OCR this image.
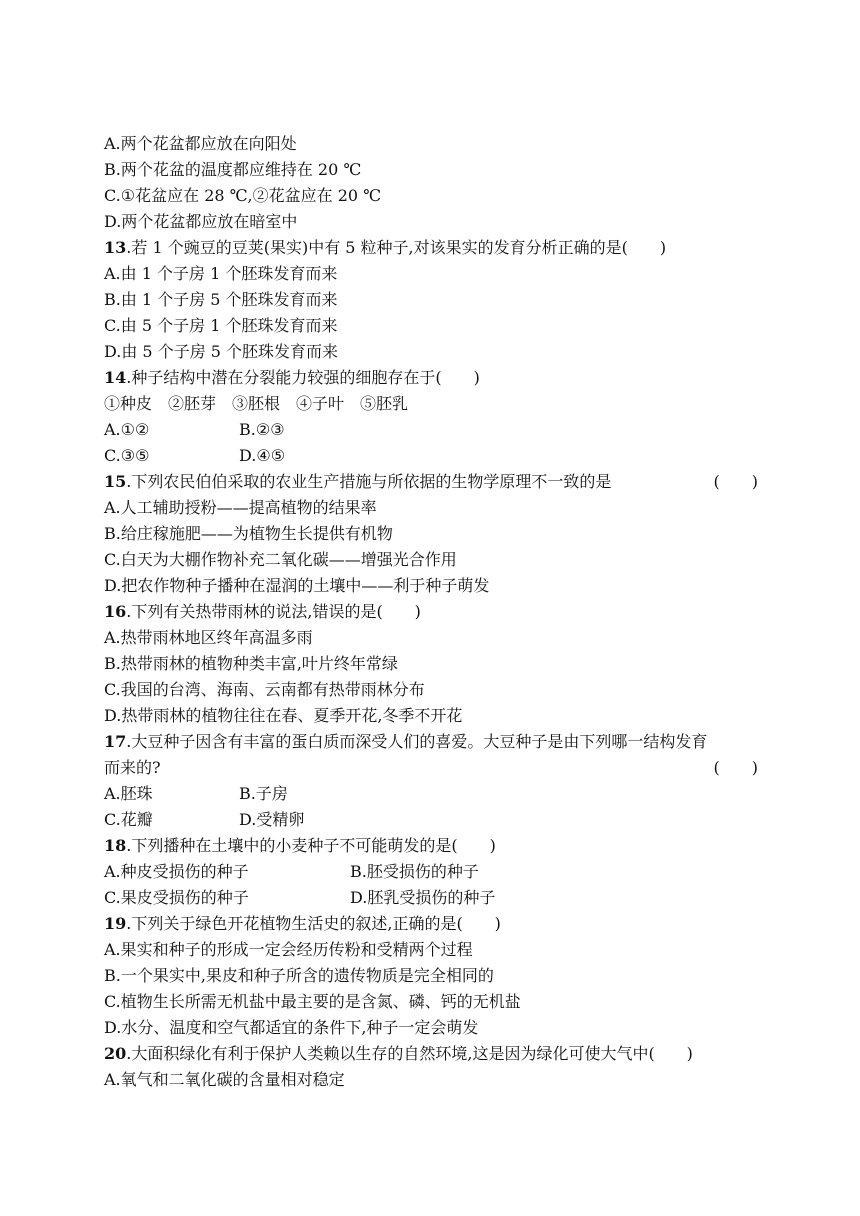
A.两个花盆都应放在向阳处
B.两个花盆的温度都应维持在 20 ℃
C.①花盆应在 28 ℃,②花盆应在 20 ℃
D.两个花盆都应放在暗室中
13.若 1 个豌豆的豆荚(果实)中有 5 粒种子,对该果实的发育分析正确的是(　　)
A.由 1 个子房 1 个胚珠发育而来
B.由 1 个子房 5 个胚珠发育而来
C.由 5 个子房 1 个胚珠发育而来
D.由 5 个子房 5 个胚珠发育而来
14.种子结构中潜在分裂能力较强的细胞存在于(　　)
①种皮　②胚芽　③胚根　④子叶　⑤胚乳
A.①②	B.②③
C.③⑤	D.④⑤
15.下列农民伯伯采取的农业生产措施与所依据的生物学原理不一致的是	(　　)
A.人工辅助授粉——提高植物的结果率
B.给庄稼施肥——为植物生长提供有机物
C.白天为大棚作物补充二氧化碳——增强光合作用
D.把农作物种子播种在湿润的土壤中——利于种子萌发
16.下列有关热带雨林的说法,错误的是(　　)
A.热带雨林地区终年高温多雨
B.热带雨林的植物种类丰富,叶片终年常绿
C.我国的台湾、海南、云南都有热带雨林分布
D.热带雨林的植物往往在春、夏季开花,冬季不开花
17.大豆种子因含有丰富的蛋白质而深受人们的喜爱。大豆种子是由下列哪一结构发育
而来的?	(　　)
A.胚珠	B.子房
C.花瓣	D.受精卵
18.下列播种在土壤中的小麦种子不可能萌发的是(　　)
A.种皮受损伤的种子	B.胚受损伤的种子
C.果皮受损伤的种子	D.胚乳受损伤的种子
19.下列关于绿色开花植物生活史的叙述,正确的是(　　)
A.果实和种子的形成一定会经历传粉和受精两个过程
B.一个果实中,果皮和种子所含的遗传物质是完全相同的
C.植物生长所需无机盐中最主要的是含氮、磷、钙的无机盐
D.水分、温度和空气都适宜的条件下,种子一定会萌发
20.大面积绿化有利于保护人类赖以生存的自然环境,这是因为绿化可使大气中(　　)
A.氧气和二氧化碳的含量相对稳定
